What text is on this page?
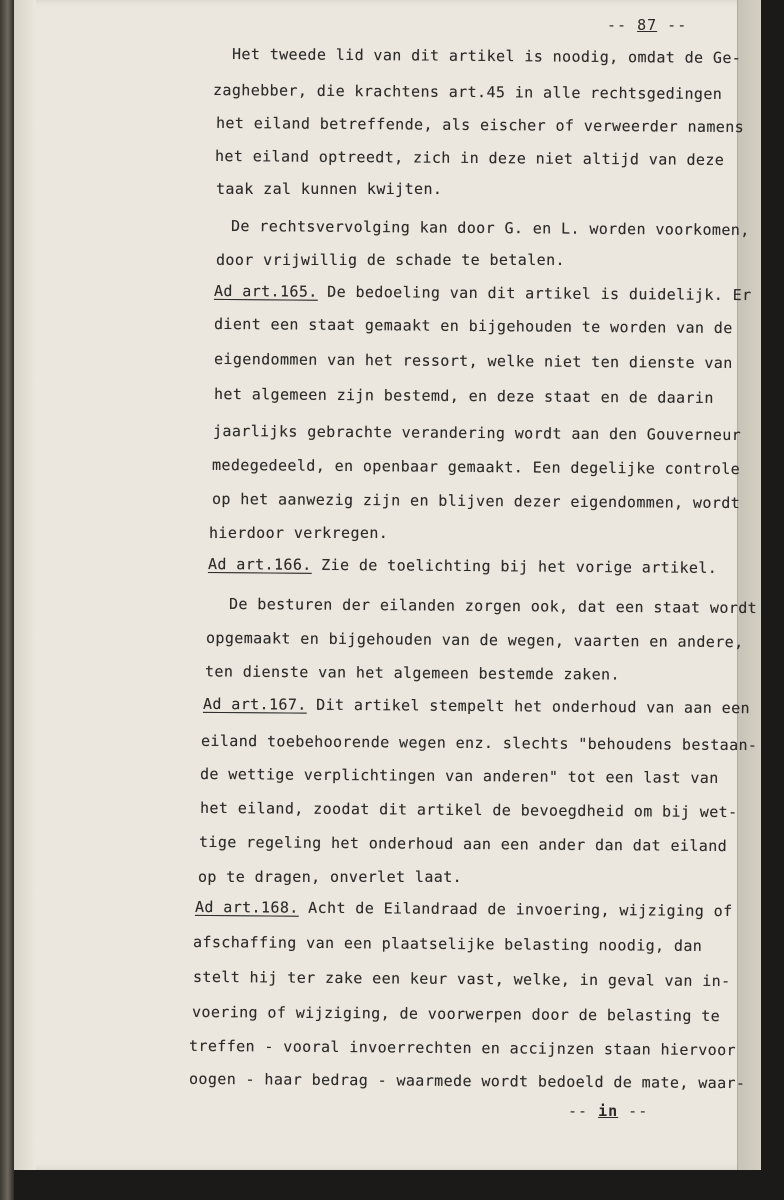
-- 87 --

Het tweede lid van dit artikel is noodig, omdat de Ge-

zaghebber, die krachtens art.45 in alle rechtsgedingen

het eiland betreffende, als eischer of verweerder namens

het eiland optreedt, zich in deze niet altijd van deze

taak zal kunnen kwijten.

De rechtsvervolging kan door G. en L. worden voorkomen,

door vrijwillig de schade te betalen.

Ad art.165. De bedoeling van dit artikel is duidelijk. Er

dient een staat gemaakt en bijgehouden te worden van de

eigendommen van het ressort, welke niet ten dienste van

het algemeen zijn bestemd, en deze staat en de daarin

jaarlijks gebrachte verandering wordt aan den Gouverneur

medegedeeld, en openbaar gemaakt. Een degelijke controle

op het aanwezig zijn en blijven dezer eigendommen, wordt

hierdoor verkregen.

Ad art.166. Zie de toelichting bij het vorige artikel.

De besturen der eilanden zorgen ook, dat een staat wordt

opgemaakt en bijgehouden van de wegen, vaarten en andere,

ten dienste van het algemeen bestemde zaken.

Ad art.167. Dit artikel stempelt het onderhoud van aan een

eiland toebehoorende wegen enz. slechts "behoudens bestaan-

de wettige verplichtingen van anderen" tot een last van

het eiland, zoodat dit artikel de bevoegdheid om bij wet-

tige regeling het onderhoud aan een ander dan dat eiland

op te dragen, onverlet laat.

Ad art.168. Acht de Eilandraad de invoering, wijziging of

afschaffing van een plaatselijke belasting noodig, dan

stelt hij ter zake een keur vast, welke, in geval van in-

voering of wijziging, de voorwerpen door de belasting te

treffen - vooral invoerrechten en accijnzen staan hiervoor

oogen - haar bedrag - waarmede wordt bedoeld de mate, waar-

-- in --
